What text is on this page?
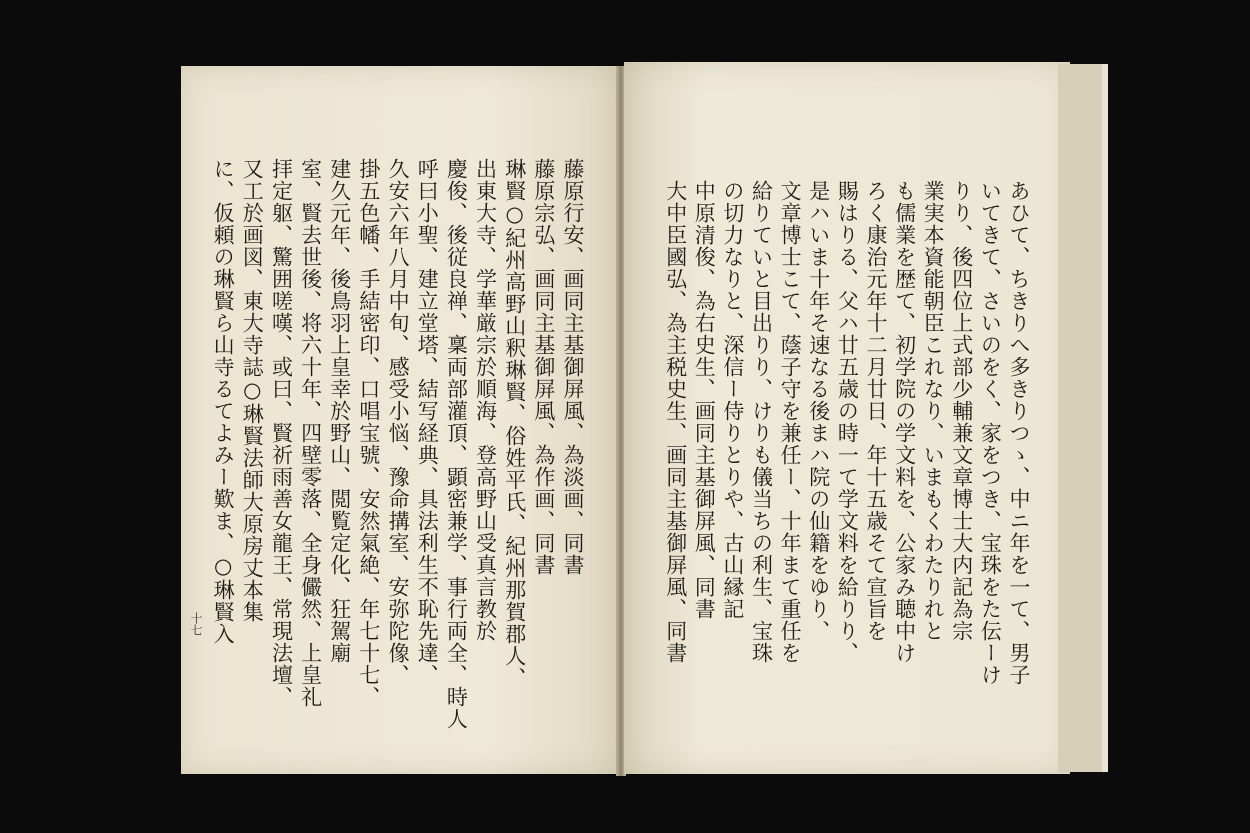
藤原行安、画同主基御屏風、為淡画、同書
藤原宗弘、画同主基御屏風、為作画、同書
琳賢○紀州高野山釈琳賢、俗姓平氏、紀州那賀郡人、
出東大寺、学華厳宗於順海、登高野山受真言教於
慶俊、後従良禅、稟両部灌頂、顕密兼学、事行両全、時人
呼曰小聖、建立堂塔、結写経典、具法利生不恥先達、
久安六年八月中旬、感受小悩、豫命搆室、安弥陀像、
掛五色幡、手結密印、口唱宝號、安然氣絶、年七十七、
建久元年、後鳥羽上皇幸於野山、閲覧定化、狂駕廟
室、賢去世後、将六十年、四壁零落、全身儼然、上皇礼
拝定躯、驚囲嗟嘆、或曰、賢祈雨善女龍王、常現法壇、
又工於画図、東大寺誌○琳賢法師大原房丈本集
に、仮頼の琳賢ら山寺るてよみー歎ま、○琳賢入
十七	あひて、ちきりへ多きりつゝ、中ニ年を一て、男子
いてきて、さいのをく、家をつき、宝珠をた伝ーけ
りり、後四位上式部少輔兼文章博士大内記為宗
業実本資能朝臣これなり、いまもくわたりれと
も儒業を歴て、初学院の学文料を、公家み聴中け
ろく康治元年十二月廿日、年十五歳そて宣旨を
賜はりる、父ハ廿五歳の時一て学文料を給りり、
是ハいま十年そ速なる後まハ院の仙籍をゆり、
文章博士こて、蔭子守を兼任ー、十年まて重任を
給りていと目出りり、けりも儀当ちの利生、宝珠
の切力なりと、深信ー侍りとりや、古山縁記
中原清俊、為右史生、画同主基御屏風、同書
大中臣國弘、為主税史生、画同主基御屏風、同書
